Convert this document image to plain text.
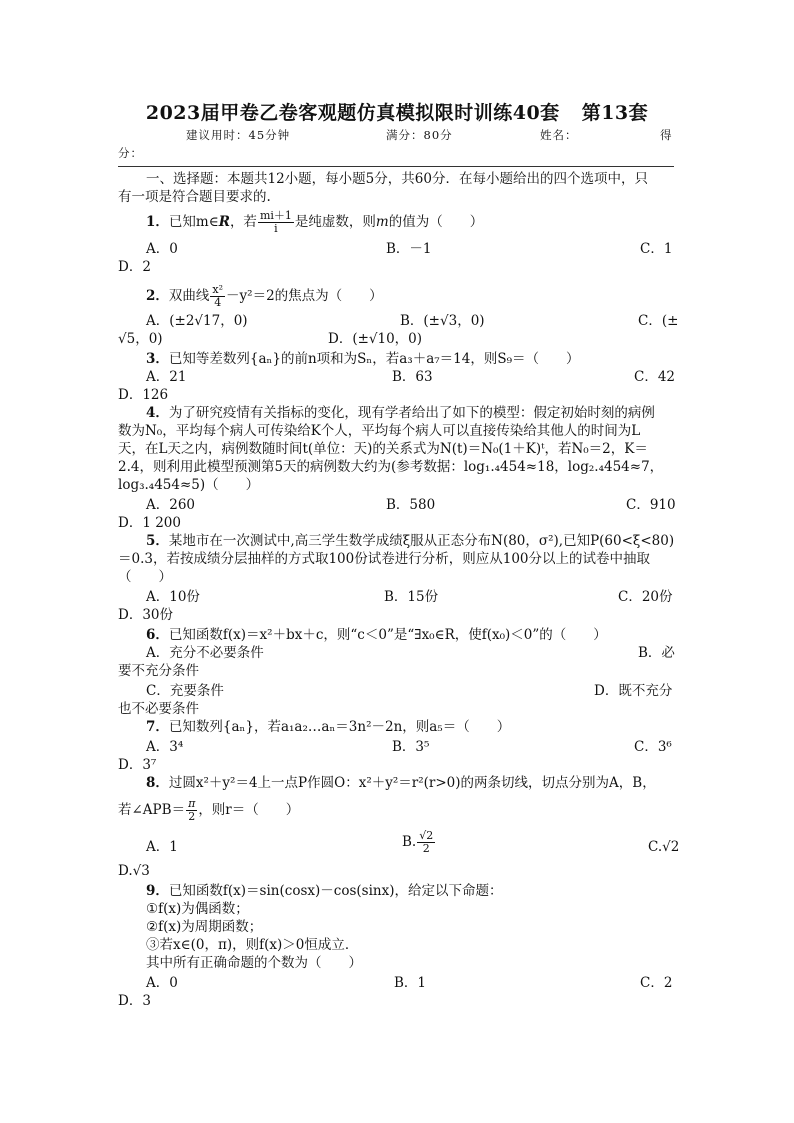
2023届甲卷乙卷客观题仿真模拟限时训练40套 第13套
建议用时：45分钟	满分：80分	姓名：	得
分：
一、选择题：本题共12小题，每小题5分，共60分．在每小题给出的四个选项中，只
有一项是符合题目要求的.
1．已知m∈R，若 $\frac{mi+1}{i}$ 是纯虚数，则m的值为（　　）
A．0	B．－1	C．1
D．2
2．双曲线 $\frac{\text{x²}}{4} -y^2=2$的焦点为（　　）
A．(±2√17，0)	B．(±√3，0)	C．(±
√5，0)	D．(±√10，0)
3．已知等差数列{aₙ}的前n项和为Sₙ，若a₃＋a₇＝14，则S₉＝（　　）
A．21	B．63	C．42
D．126
4．为了研究疫情有关指标的变化，现有学者给出了如下的模型：假定初始时刻的病例
数为N₀，平均每个病人可传染给K个人，平均每个病人可以直接传染给其他人的时间为L
天，在L天之内，病例数随时间t(单位：天)的关系式为N(t)＝N₀(1＋K)ᵗ，若N₀＝2，K＝
2.4，则利用此模型预测第5天的病例数大约为(参考数据：log₁.₄454≈18，log₂.₄454≈7，
log₃.₄454≈5)（　　）
A．260	B．580	C．910
D．1 200
5．某地市在一次测试中,高三学生数学成绩ξ服从正态分布N(80，σ²),已知P(60<ξ<80)
＝0.3，若按成绩分层抽样的方式取100份试卷进行分析，则应从100分以上的试卷中抽取
（　　）
A．10份	B．15份	C．20份
D．30份
6．已知函数f(x)＝x²＋bx＋c，则“c＜0”是“∃x₀∈R，使f(x₀)＜0”的（　　）
A．充分不必要条件	B．必
要不充分条件
C．充要条件	D．既不充分
也不必要条件
7．已知数列{aₙ}，若a₁a₂…aₙ＝3n²－2n，则a₅＝（　　）
A．3⁴	B．3⁵	C．3⁶
D．3⁷
8．过圆x²＋y²＝4上一点P作圆O：x²＋y²＝r²(r>0)的两条切线，切点分别为A，B，
若∠APB＝ $\frac{\pi}{2}$ ，则r＝（　　）
A．1	B. $\frac{√2}{2}$	C.√2
D.√3
9．已知函数f(x)＝sin(cosx)－cos(sinx)，给定以下命题：
①f(x)为偶函数；
②f(x)为周期函数；
③若x∈(0，π)，则f(x)＞0恒成立．
其中所有正确命题的个数为（　　）
A．0	B．1	C．2
D．3
